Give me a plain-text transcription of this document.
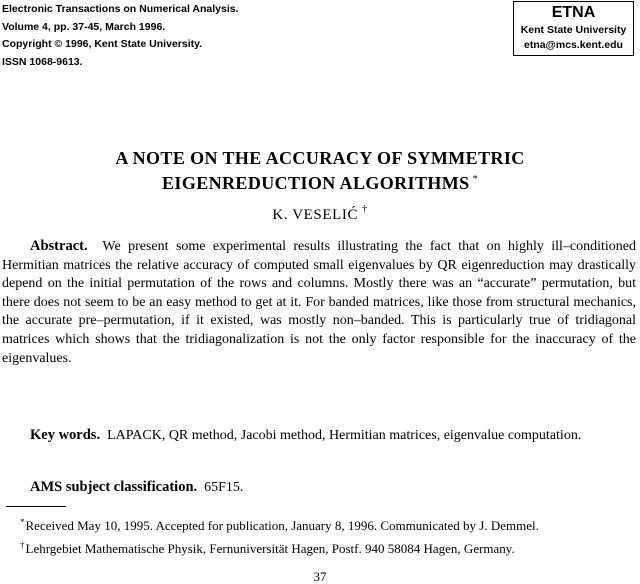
Electronic Transactions on Numerical Analysis.
Volume 4, pp. 37-45, March 1996.
Copyright © 1996, Kent State University.
ISSN 1068-9613.
ETNA
Kent State University
etna@mcs.kent.edu
A NOTE ON THE ACCURACY OF SYMMETRIC
EIGENREDUCTION ALGORITHMS *
K. VESELIĆ †
Abstract. We present some experimental results illustrating the fact that on highly ill–conditioned Hermitian matrices the relative accuracy of computed small eigenvalues by QR eigenreduction may drastically depend on the initial permutation of the rows and columns. Mostly there was an “accurate” permutation, but there does not seem to be an easy method to get at it. For banded matrices, like those from structural mechanics, the accurate pre–permutation, if it existed, was mostly non–banded. This is particularly true of tridiagonal matrices which shows that the tridiagonalization is not the only factor responsible for the inaccuracy of the eigenvalues.
Key words. LAPACK, QR method, Jacobi method, Hermitian matrices, eigenvalue computation.
AMS subject classification. 65F15.

*Received May 10, 1995. Accepted for publication, January 8, 1996. Communicated by J. Demmel.

†Lehrgebiet Mathematische Physik, Fernuniversität Hagen, Postf. 940 58084 Hagen, Germany.

37
